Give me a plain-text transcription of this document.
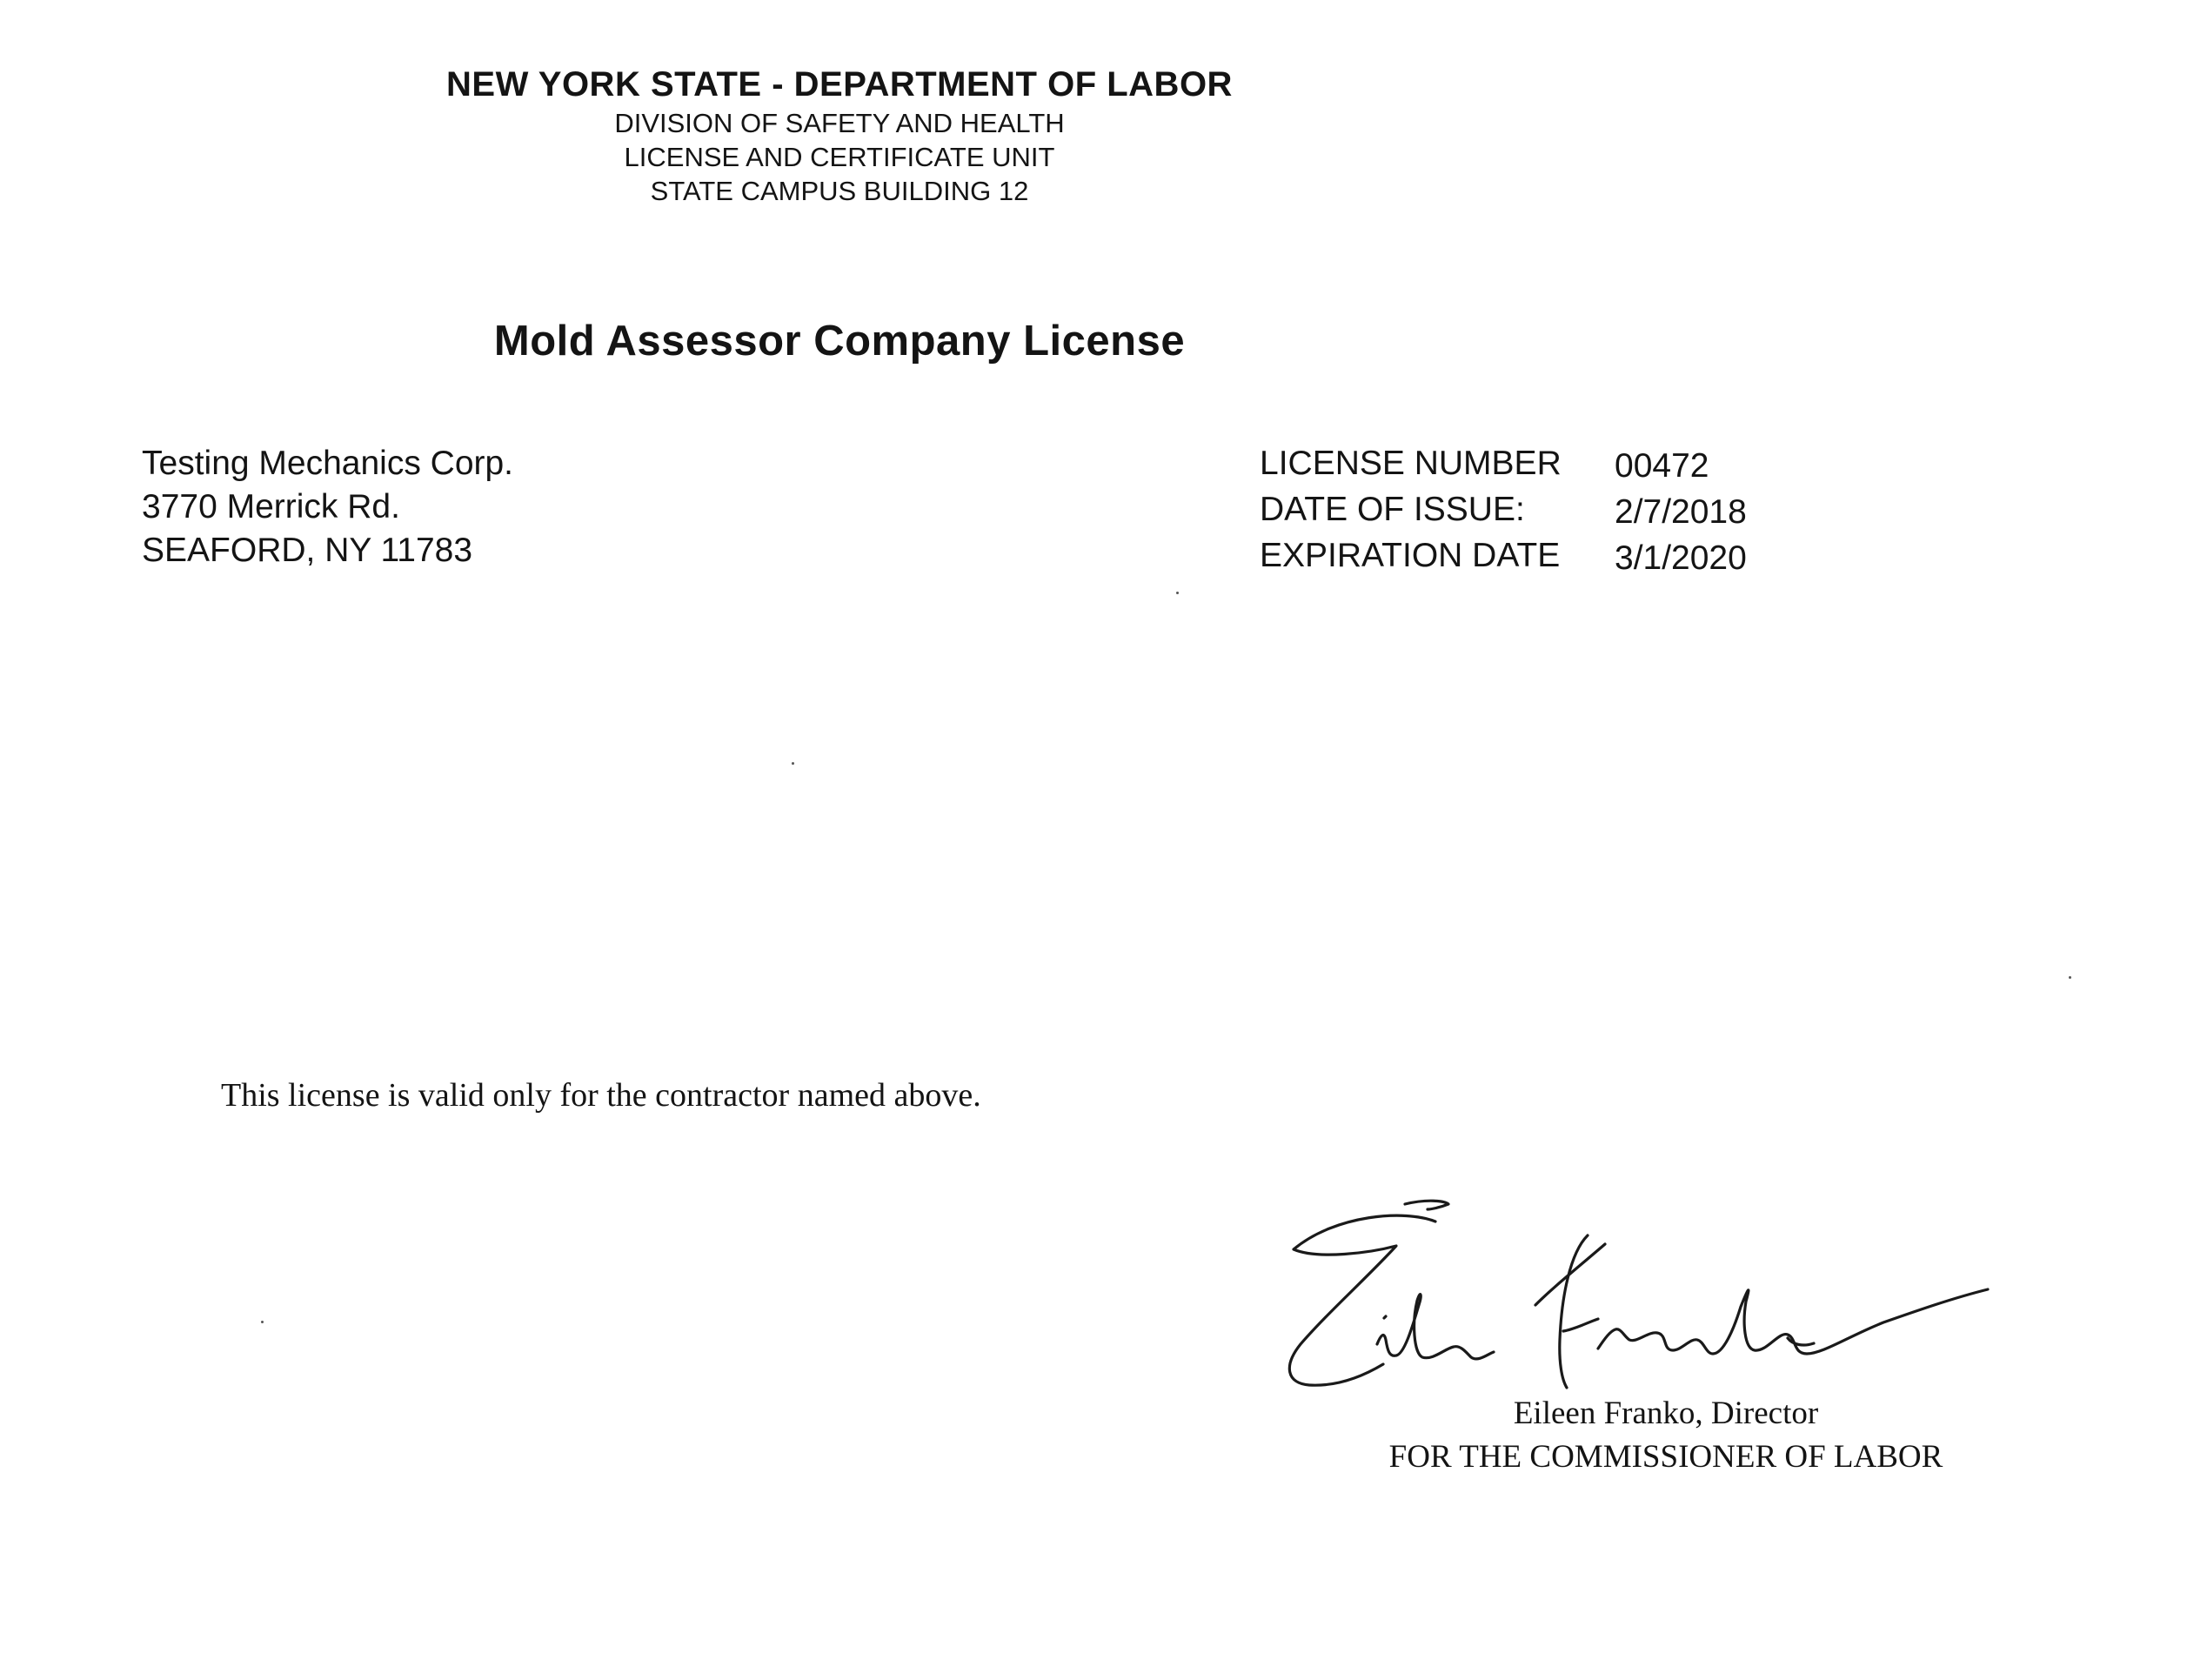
NEW YORK STATE - DEPARTMENT OF LABOR
DIVISION OF SAFETY AND HEALTH
LICENSE AND CERTIFICATE UNIT
STATE CAMPUS BUILDING 12
Mold Assessor Company License
Testing Mechanics Corp.
3770 Merrick Rd.
SEAFORD, NY 11783
LICENSE NUMBER	00472
DATE OF ISSUE:	2/7/2018
EXPIRATION DATE	3/1/2020
This license is valid only for the contractor named above.
Eileen Franko, Director
FOR THE COMMISSIONER OF LABOR
